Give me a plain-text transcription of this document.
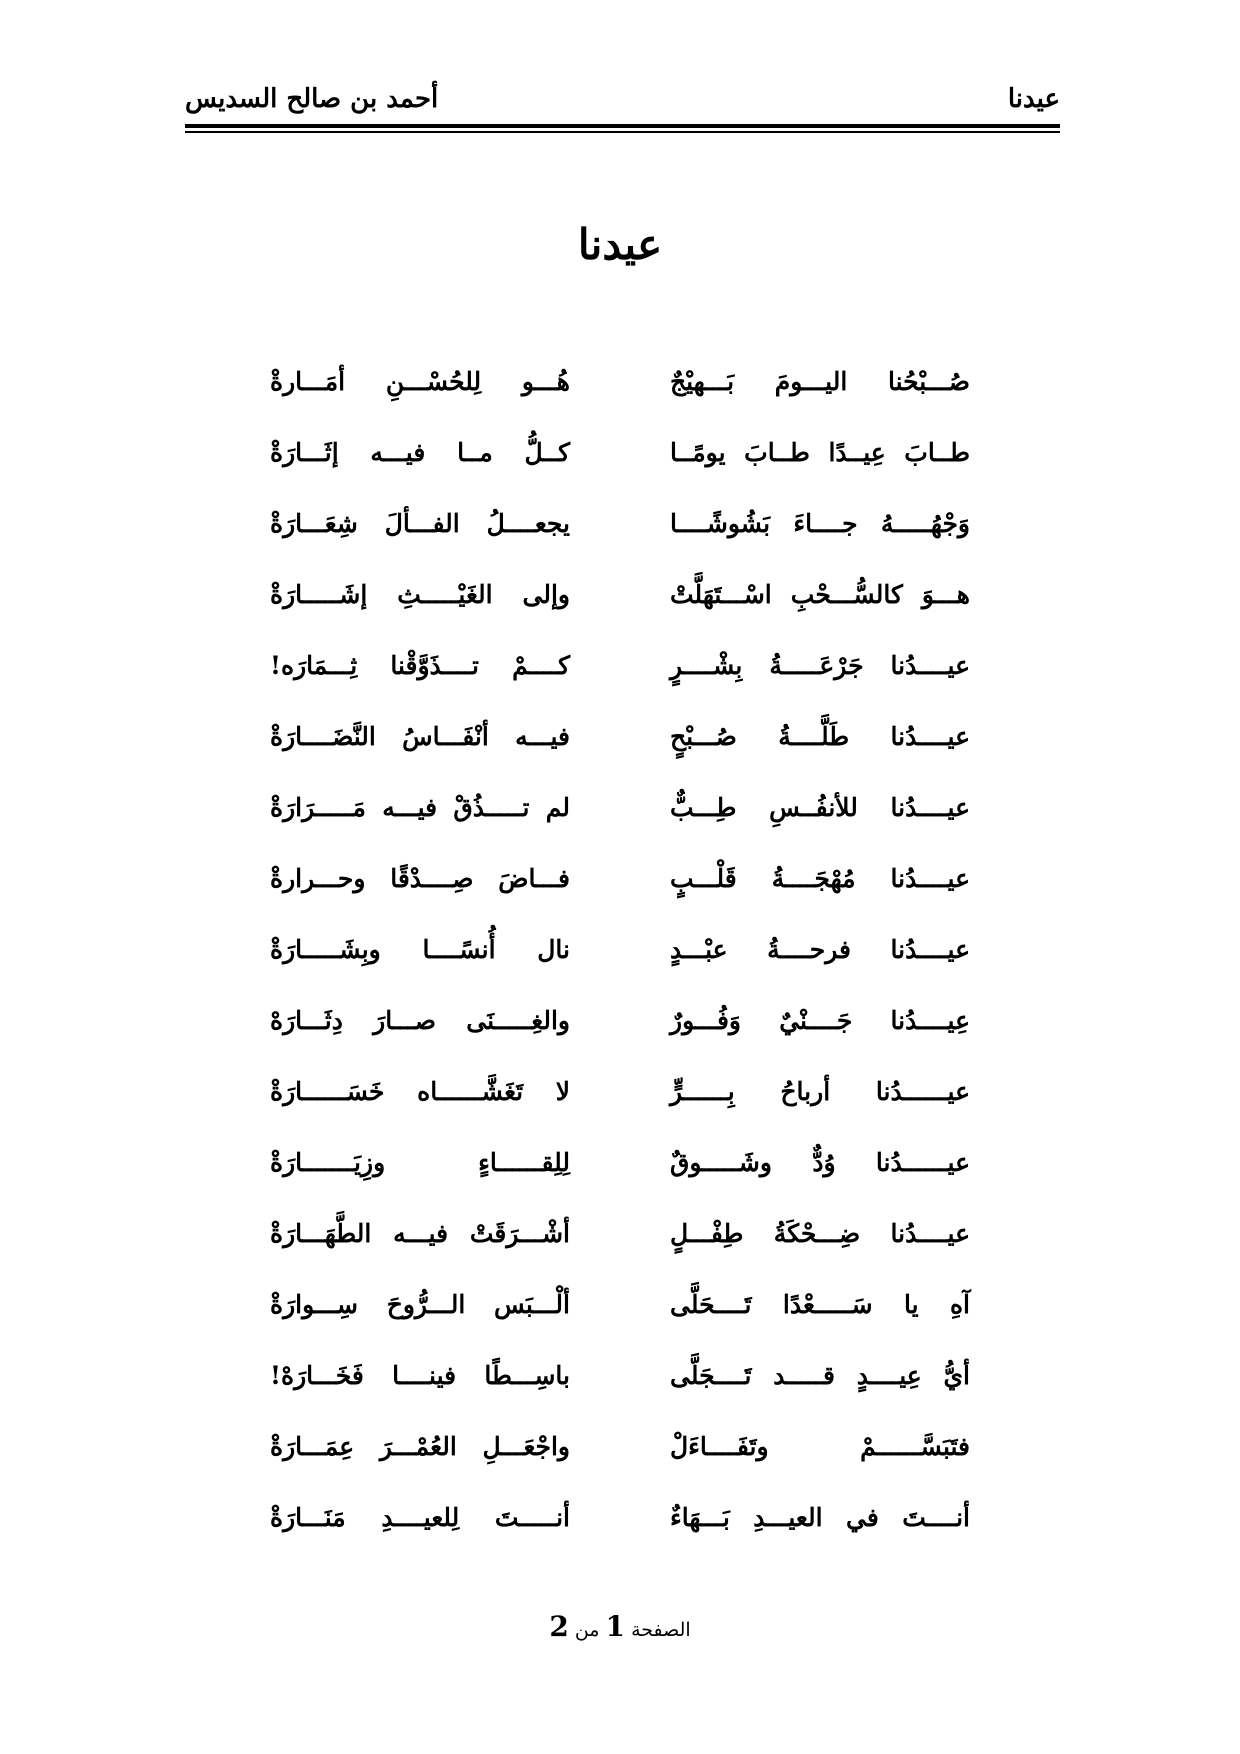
عيدنا
أحمد بن صالح السديس
عيدنا
صُـــبْحُنا اليـــومَ بَـــهيْجٌ
هُـــو لِلحُسْـــنِ أمَـــارةْ
طــابَ عِيــدًا طــابَ يومًــا
كــلُّ مــا فيـــه إثَـــارَةْ
وَجْهُـــــهُ جــــاءَ بَشُوشًــــا
يجعــــلُ الفـــألَ شِعَـــارَةْ
هـــوَ كالسُّـــحْبِ اسْـــتَهَلَّتْ
وإلى الغَيْـــــثِ إشَـــــارَةْ
عيــــدُنا جَرْعَـــــةُ بِشْــــرٍ
كــــمْ تــــذَوَّقْنا ثِـــمَارَه!
عيــــدُنا طَلَّــــةُ صُـــبْحٍ
فيـــه أنْفَـــاسُ النَّضَــــارَةْ
عيــــدُنا للأنفُــسِ طِـــبٌّ
لم تـــــذُقْ فيـــه مَـــــرَارَةْ
عيــــدُنا مُهْجَــــةُ قَلْـــبٍ
فـــاضَ صِــــدْقًا وحـــرارةْ
عيــــدُنا فرحــــةُ عبْـــدٍ
نال أُنسًــــا وبِشَـــــارَةْ
عِيــــدُنا جَــــنْيٌ وَفُـــورٌ
والغِـــــنَى صـــارَ دِثَـــارَهْ
عيــــــدُنا أرباحُ بِــــــرٍّ
لا تَغَشَّــــــاه خَسَــــــارَةْ
عيــــــدُنا وُدٌّ وشَـــــوقٌ
لِلِقــــــاءٍ وزِيَـــــــارَةْ
عيــــدُنا ضِـــحْكَةُ طِفْـــلٍ
أشْـــرَقَتْ فيـــه الطَّهَـــارَةْ
آهِ يا سَـــــعْدًا تَــــحَلَّى
ألْـــبَس الـــرُّوحَ سِـــوارَةْ
أيُّ عِيــــدٍ قـــــد تَــــجَلَّى
باسِـــطًا فينــــا فَخَـــارَهْ!
فتَبَسَّــــــمْ وتَفَــــاءَلْ
واجْعَـــلِ العُمْـــرَ عِمَـــارَةْ
أنــــتَ في العيـــدِ بَـــهَاءٌ
أنـــــتَ لِلعيــــدِ مَنَـــارَةْ
الصفحة 1 من 2
